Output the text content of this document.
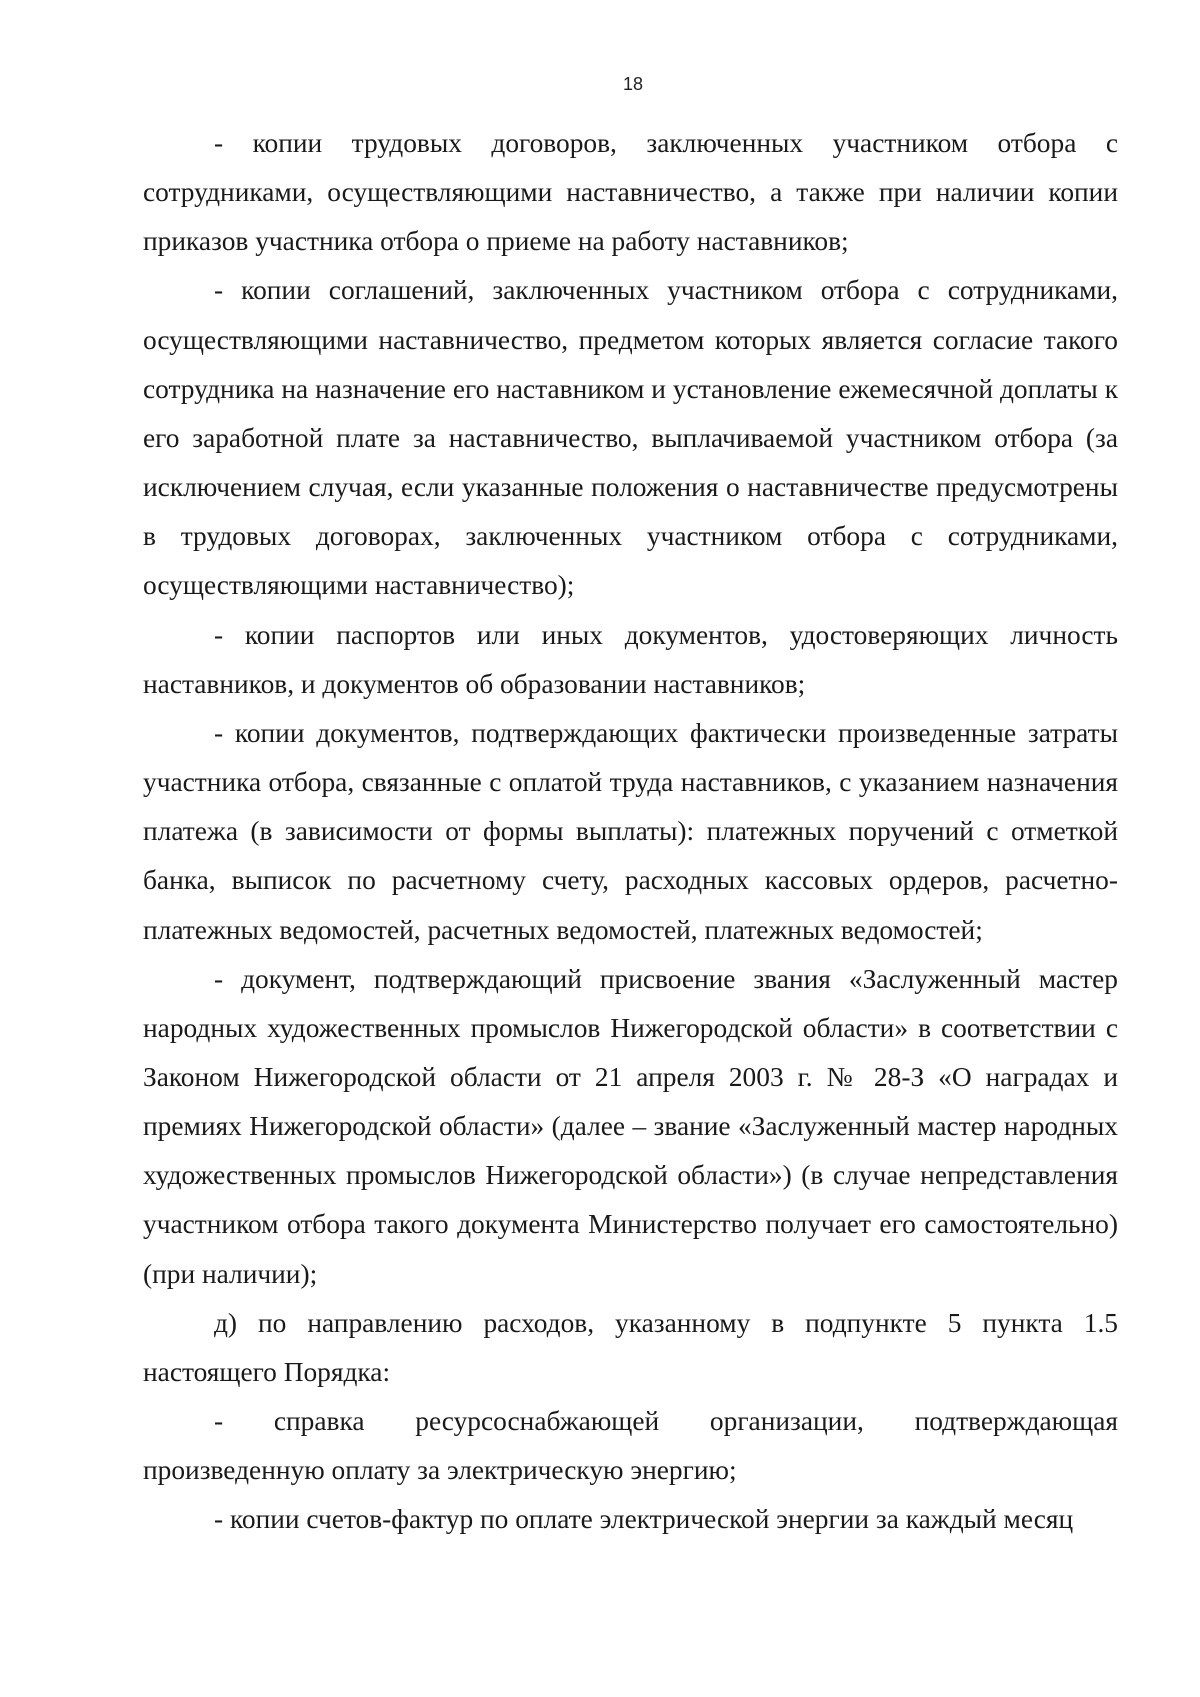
18

- копии трудовых договоров, заключенных участником отбора с сотрудниками, осуществляющими наставничество, а также при наличии копии приказов участника отбора о приеме на работу наставников;

- копии соглашений, заключенных участником отбора с сотрудниками, осуществляющими наставничество, предметом которых является согласие такого сотрудника на назначение его наставником и установление ежемесячной доплаты к его заработной плате за наставничество, выплачиваемой участником отбора (за исключением случая, если указанные положения о наставничестве предусмотрены в трудовых договорах, заключенных участником отбора с сотрудниками, осуществляющими наставничество);

- копии паспортов или иных документов, удостоверяющих личность наставников, и документов об образовании наставников;

- копии документов, подтверждающих фактически произведенные затраты участника отбора, связанные с оплатой труда наставников, с указанием назначения платежа (в зависимости от формы выплаты): платежных поручений с отметкой банка, выписок по расчетному счету, расходных кассовых ордеров, расчетно-платежных ведомостей, расчетных ведомостей, платежных ведомостей;

- документ, подтверждающий присвоение звания «Заслуженный мастер народных художественных промыслов Нижегородской области» в соответствии с Законом Нижегородской области от 21 апреля 2003 г. № 28-З «О наградах и премиях Нижегородской области» (далее – звание «Заслуженный мастер народных художественных промыслов Нижегородской области») (в случае непредставления участником отбора такого документа Министерство получает его самостоятельно) (при наличии);

д) по направлению расходов, указанному в подпункте 5 пункта 1.5 настоящего Порядка:

- справка ресурсоснабжающей организации, подтверждающая произведенную оплату за электрическую энергию;

- копии счетов-фактур по оплате электрической энергии за каждый месяц
